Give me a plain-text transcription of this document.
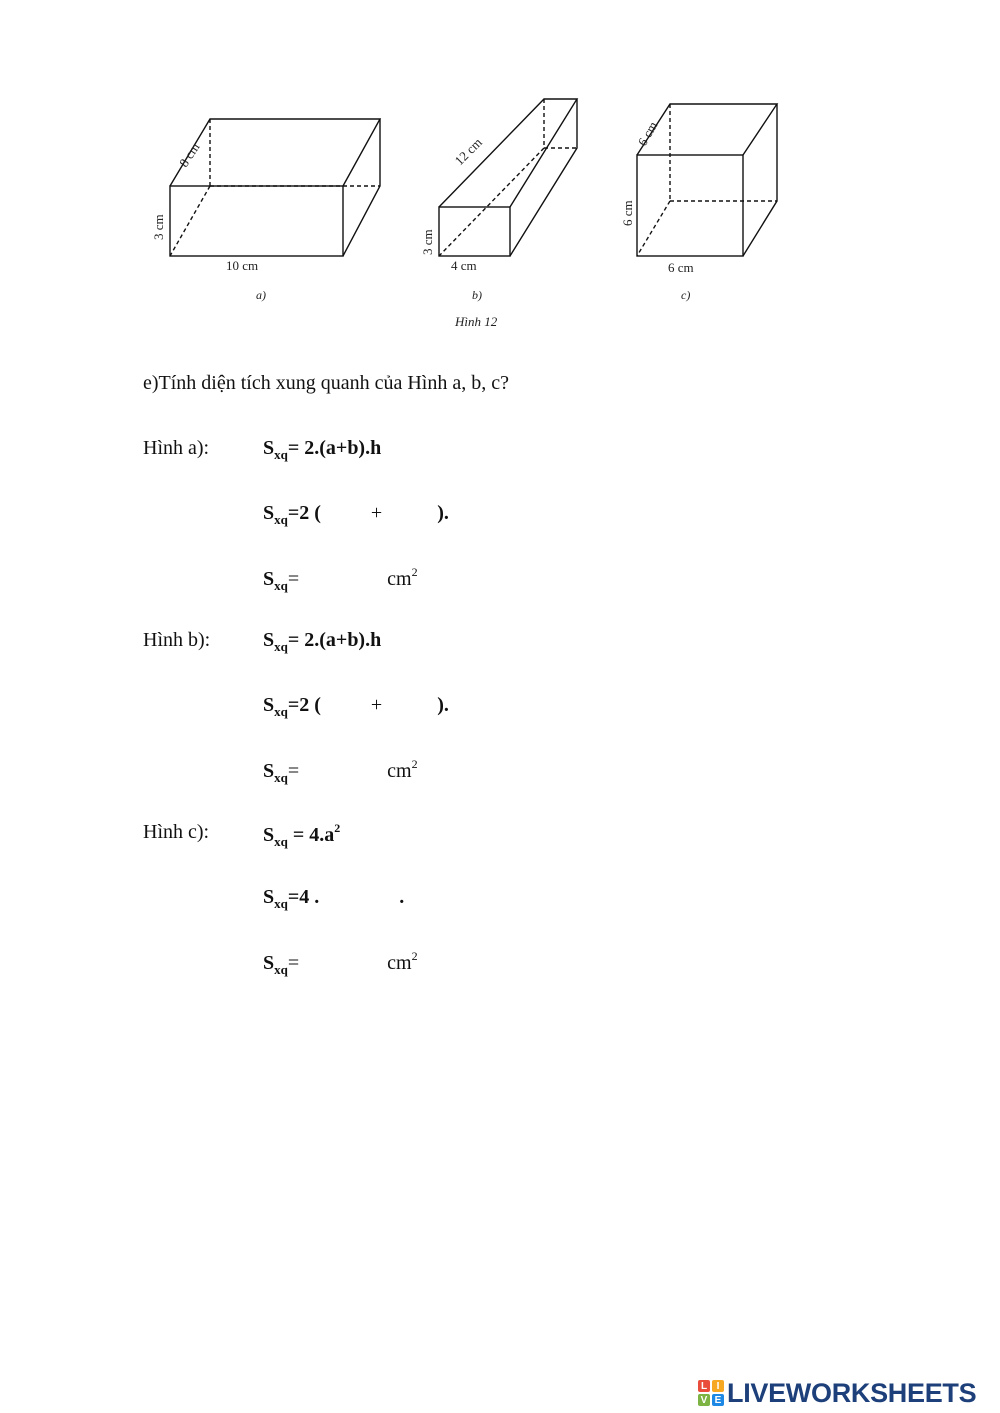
8 cm
3 cm
10 cm
a)
12 cm
3 cm
4 cm
b)
6 cm
6 cm
6 cm
c)
Hình 12
e)Tính diện tích xung quanh của Hình a, b, c?
Hình a):	$S_{xq}= 2.(a+b).h$
$S_{xq}=2$ (	+	).
$S_{xq}=$	$cm^2$
Hình b):	$S_{xq}= 2.(a+b).h$
$S_{xq}=2$ (	+	).
$S_{xq}=$	$cm^2$
Hình c):	$S_{xq} = 4.a^2$
$S_{xq}=4$ .	.
$S_{xq}=$	$cm^2$
L I
V E LIVEWORKSHEETS
